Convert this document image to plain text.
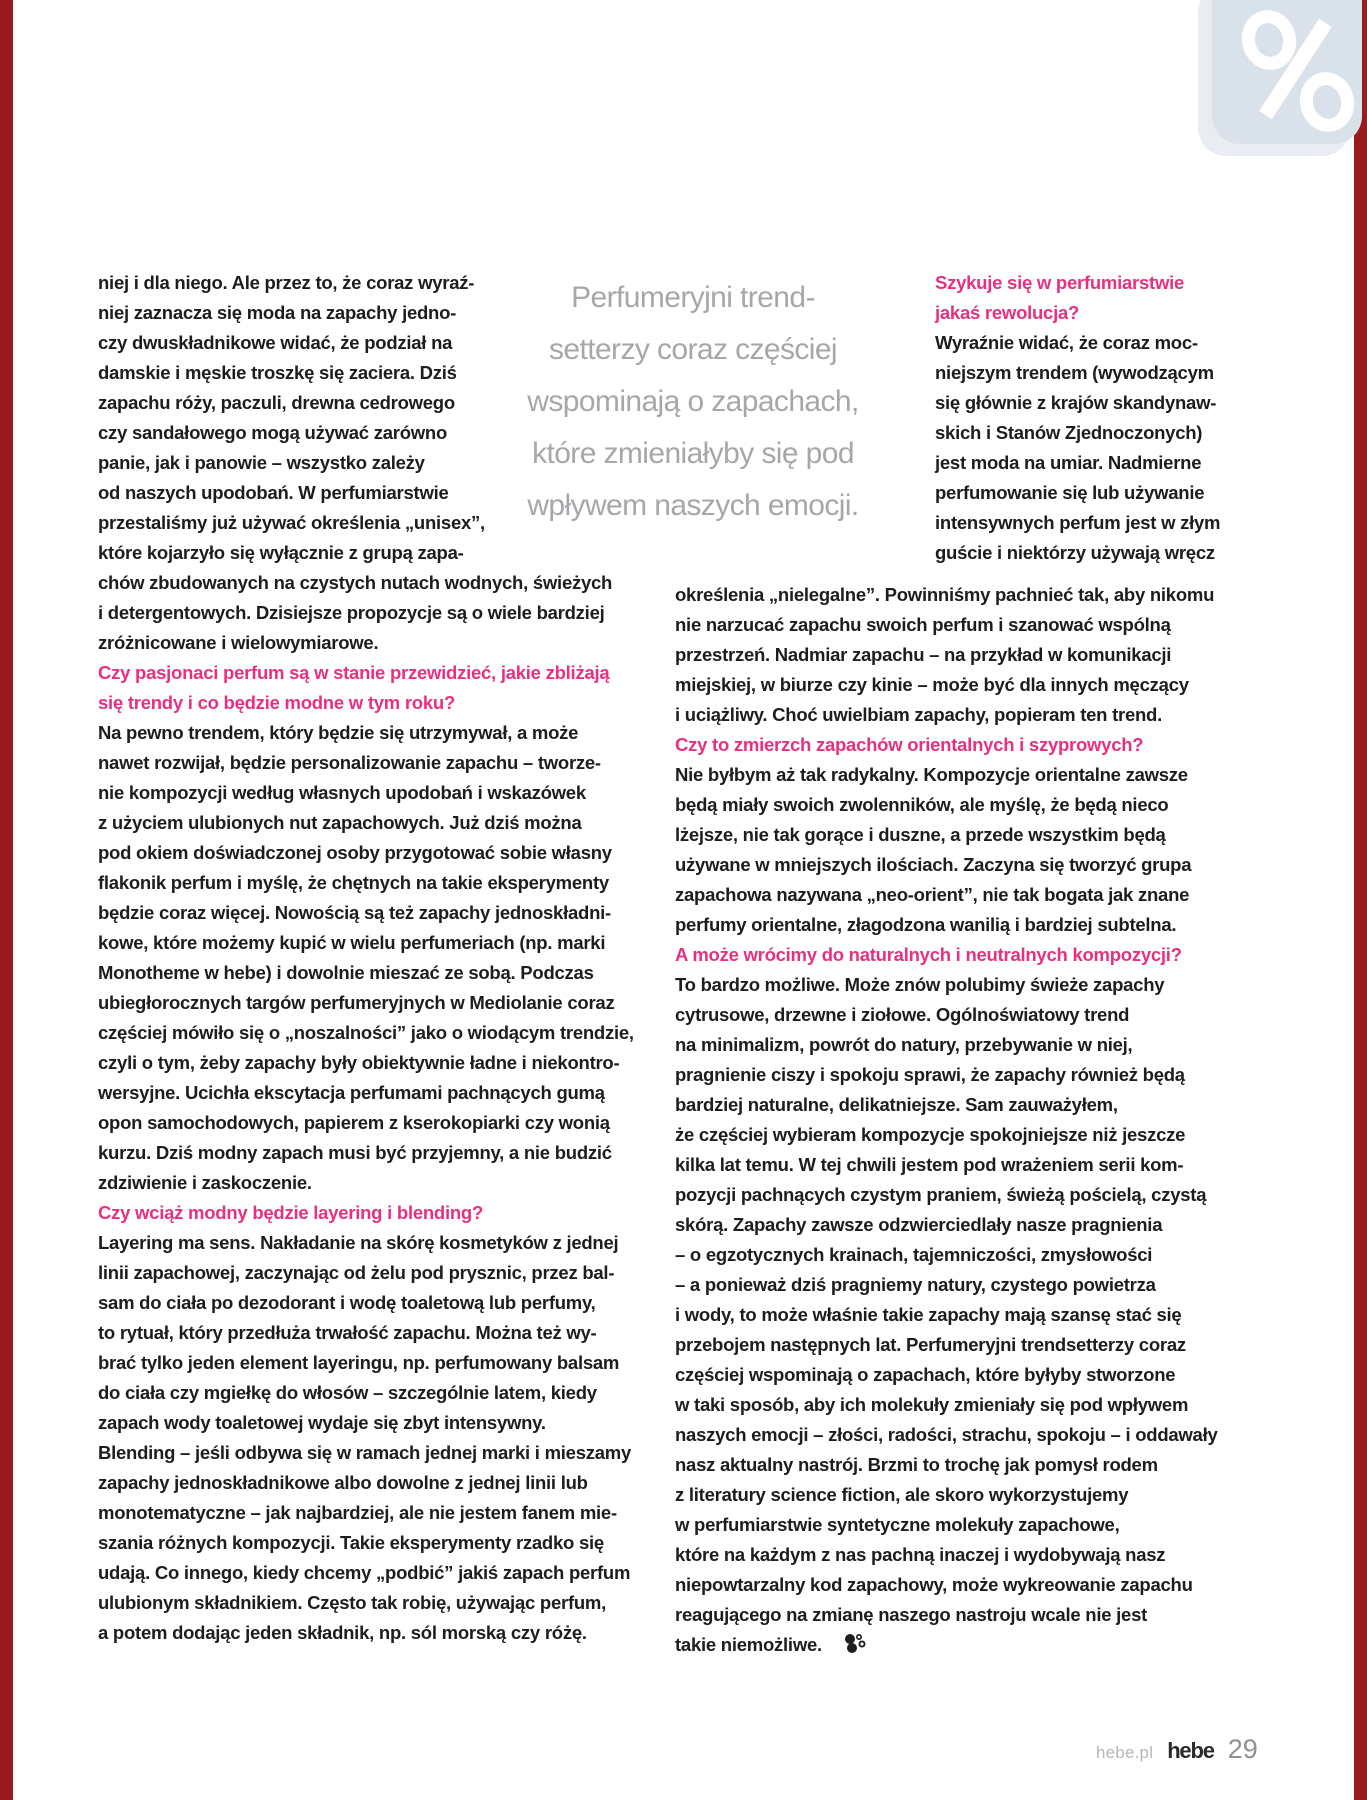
Perfumeryjni trend-
setterzy coraz częściej
wspominają o zapachach,
które zmieniałyby się pod
wpływem naszych emocji.
niej i dla niego. Ale przez to, że coraz wyraź-
niej zaznacza się moda na zapachy jedno-
czy dwuskładnikowe widać, że podział na
damskie i męskie troszkę się zaciera. Dziś
zapachu róży, paczuli, drewna cedrowego
czy sandałowego mogą używać zarówno
panie, jak i panowie – wszystko zależy
od naszych upodobań. W perfumiarstwie
przestaliśmy już używać określenia „unisex”,
które kojarzyło się wyłącznie z grupą zapa-
chów zbudowanych na czystych nutach wodnych, świeżych
i detergentowych. Dzisiejsze propozycje są o wiele bardziej
zróżnicowane i wielowymiarowe.
Czy pasjonaci perfum są w stanie przewidzieć, jakie zbliżają
się trendy i co będzie modne w tym roku?
Na pewno trendem, który będzie się utrzymywał, a może
nawet rozwijał, będzie personalizowanie zapachu – tworze-
nie kompozycji według własnych upodobań i wskazówek
z użyciem ulubionych nut zapachowych. Już dziś można
pod okiem doświadczonej osoby przygotować sobie własny
flakonik perfum i myślę, że chętnych na takie eksperymenty
będzie coraz więcej. Nowością są też zapachy jednoskładni-
kowe, które możemy kupić w wielu perfumeriach (np. marki
Monotheme w hebe) i dowolnie mieszać ze sobą. Podczas
ubiegłorocznych targów perfumeryjnych w Mediolanie coraz
częściej mówiło się o „noszalności” jako o wiodącym trendzie,
czyli o tym, żeby zapachy były obiektywnie ładne i niekontro-
wersyjne. Ucichła ekscytacja perfumami pachnących gumą
opon samochodowych, papierem z kserokopiarki czy wonią
kurzu. Dziś modny zapach musi być przyjemny, a nie budzić
zdziwienie i zaskoczenie.
Czy wciąż modny będzie layering i blending?
Layering ma sens. Nakładanie na skórę kosmetyków z jednej
linii zapachowej, zaczynając od żelu pod prysznic, przez bal-
sam do ciała po dezodorant i wodę toaletową lub perfumy,
to rytuał, który przedłuża trwałość zapachu. Można też wy-
brać tylko jeden element layeringu, np. perfumowany balsam
do ciała czy mgiełkę do włosów – szczególnie latem, kiedy
zapach wody toaletowej wydaje się zbyt intensywny.
Blending – jeśli odbywa się w ramach jednej marki i mieszamy
zapachy jednoskładnikowe albo dowolne z jednej linii lub
monotematyczne – jak najbardziej, ale nie jestem fanem mie-
szania różnych kompozycji. Takie eksperymenty rzadko się
udają. Co innego, kiedy chcemy „podbić” jakiś zapach perfum
ulubionym składnikiem. Często tak robię, używając perfum,
a potem dodając jeden składnik, np. sól morską czy różę.
Szykuje się w perfumiarstwie
jakaś rewolucja?
Wyraźnie widać, że coraz moc-
niejszym trendem (wywodzącym
się głównie z krajów skandynaw-
skich i Stanów Zjednoczonych)
jest moda na umiar. Nadmierne
perfumowanie się lub używanie
intensywnych perfum jest w złym
guście i niektórzy używają wręcz
określenia „nielegalne”. Powinniśmy pachnieć tak, aby nikomu
nie narzucać zapachu swoich perfum i szanować wspólną
przestrzeń. Nadmiar zapachu – na przykład w komunikacji
miejskiej, w biurze czy kinie – może być dla innych męczący
i uciążliwy. Choć uwielbiam zapachy, popieram ten trend.
Czy to zmierzch zapachów orientalnych i szyprowych?
Nie byłbym aż tak radykalny. Kompozycje orientalne zawsze
będą miały swoich zwolenników, ale myślę, że będą nieco
lżejsze, nie tak gorące i duszne, a przede wszystkim będą
używane w mniejszych ilościach. Zaczyna się tworzyć grupa
zapachowa nazywana „neo-orient”, nie tak bogata jak znane
perfumy orientalne, złagodzona wanilią i bardziej subtelna.
A może wrócimy do naturalnych i neutralnych kompozycji?
To bardzo możliwe. Może znów polubimy świeże zapachy
cytrusowe, drzewne i ziołowe. Ogólnoświatowy trend
na minimalizm, powrót do natury, przebywanie w niej,
pragnienie ciszy i spokoju sprawi, że zapachy również będą
bardziej naturalne, delikatniejsze. Sam zauważyłem,
że częściej wybieram kompozycje spokojniejsze niż jeszcze
kilka lat temu. W tej chwili jestem pod wrażeniem serii kom-
pozycji pachnących czystym praniem, świeżą pościelą, czystą
skórą. Zapachy zawsze odzwierciedlały nasze pragnienia
– o egzotycznych krainach, tajemniczości, zmysłowości
– a ponieważ dziś pragniemy natury, czystego powietrza
i wody, to może właśnie takie zapachy mają szansę stać się
przebojem następnych lat. Perfumeryjni trendsetterzy coraz
częściej wspominają o zapachach, które byłyby stworzone
w taki sposób, aby ich molekuły zmieniały się pod wpływem
naszych emocji – złości, radości, strachu, spokoju – i oddawały
nasz aktualny nastrój. Brzmi to trochę jak pomysł rodem
z literatury science fiction, ale skoro wykorzystujemy
w perfumiarstwie syntetyczne molekuły zapachowe,
które na każdym z nas pachną inaczej i wydobywają nasz
niepowtarzalny kod zapachowy, może wykreowanie zapachu
reagującego na zmianę naszego nastroju wcale nie jest
takie niemożliwe.
hebe.pl hebe 29
